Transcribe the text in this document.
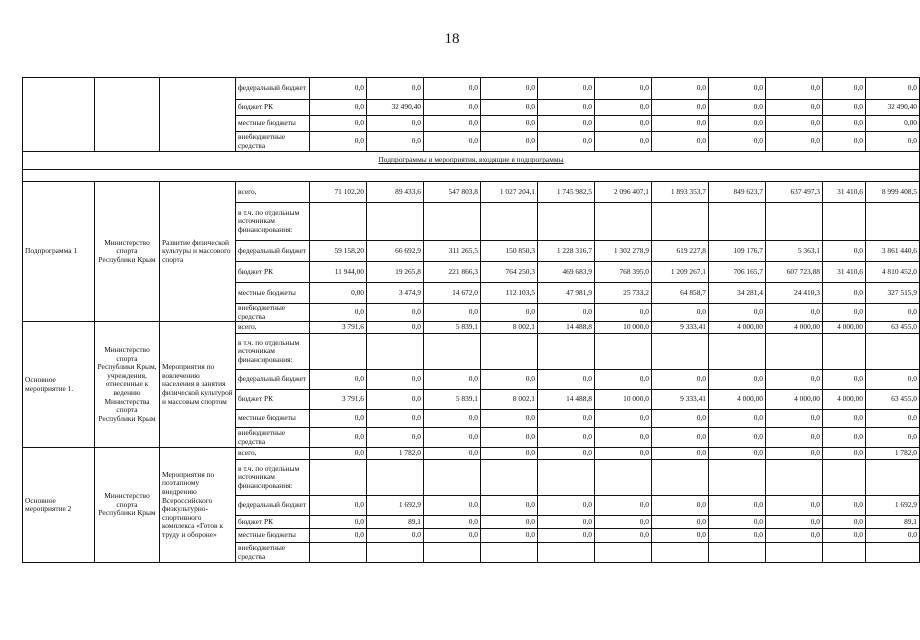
18
			федеральный бюджет	0,0	0,0	0,0	0,0	0,0	0,0	0,0	0,0	0,0	0,0	0,0
			бюджет РК	0,0	32 490,40	0,0	0,0	0,0	0,0	0,0	0,0	0,0	0,0	32 490,40
			местные бюджеты	0,0	0,0	0,0	0,0	0,0	0,0	0,0	0,0	0,0	0,0	0,00
			внебюджетные средства	0,0	0,0	0,0	0,0	0,0	0,0	0,0	0,0	0,0	0,0	0,0
Подпрограммы и мероприятия, входящие в подпрограммы														

Подпрограмма 1	Министерство спорта Республики Крым	Развитие физической культуры и массового спорта	всего,	71 102,20	89 433,6	547 803,8	1 027 204,1	1 745 982,5	2 096 407,1	1 893 353,7	849 623,7	637 497,3	31 410,6	8 999 408,5
			в т.ч. по отдельным источникам финансирования:											
			федеральный бюджет	59 158,20	66 692,9	311 265,5	150 850,3	1 228 316,7	1 302 278,9	619 227,8	109 176,7	5 363,1	0,0	3 861 440,6
			бюджет РК	11 944,00	19 265,8	221 866,3	764 250,3	469 683,9	768 395,0	1 209 267,1	706 165,7	607 723,88	31 410,6	4 810 452,0
			местные бюджеты	0,00	3 474,9	14 672,0	112 103,5	47 981,9	25 733,2	64 858,7	34 281,4	24 410,3	0,0	327 515,9
			внебюджетные средства	0,0	0,0	0,0	0,0	0,0	0,0	0,0	0,0	0,0	0,0	0,0
Основное мероприятие 1.	Министерство спорта Республики Крым, учреждения, отнесенные к ведению Министерства спорта Республики Крым	Мероприятия по вовлечению населения в занятия физической культурой и массовым спортом	всего,	3 791,6	0,0	5 839,1	8 002,1	14 488,8	10 000,0	9 333,41	4 000,00	4 000,00	4 000,00	63 455,0
			в т.ч. по отдельным источникам финансирования:											
			федеральный бюджет	0,0	0,0	0,0	0,0	0,0	0,0	0,0	0,0	0,0	0,0	0,0
			бюджет РК	3 791,6	0,0	5 839,1	8 002,1	14 488,8	10 000,0	9 333,41	4 000,00	4 000,00	4 000,00	63 455,0
			местные бюджеты	0,0	0,0	0,0	0,0	0,0	0,0	0,0	0,0	0,0	0,0	0,0
			внебюджетные средства	0,0	0,0	0,0	0,0	0,0	0,0	0,0	0,0	0,0	0,0	0,0
Основное мероприятие 2	Министерство спорта Республики Крым	Мероприятия по поэтапному внедрению Всероссийского физкультурно-спортивного комплекса «Готов к труду и обороне»	всего,	0,0	1 782,0	0,0	0,0	0,0	0,0	0,0	0,0	0,0	0,0	1 782,0
			в т.ч. по отдельным источникам финансирования:											
			федеральный бюджет	0,0	1 692,9	0,0	0,0	0,0	0,0	0,0	0,0	0,0	0,0	1 692,9
			бюджет РК	0,0	89,1	0,0	0,0	0,0	0,0	0,0	0,0	0,0	0,0	89,1
			местные бюджеты	0,0	0,0	0,0	0,0	0,0	0,0	0,0	0,0	0,0	0,0	0,0
			внебюджетные средства											
